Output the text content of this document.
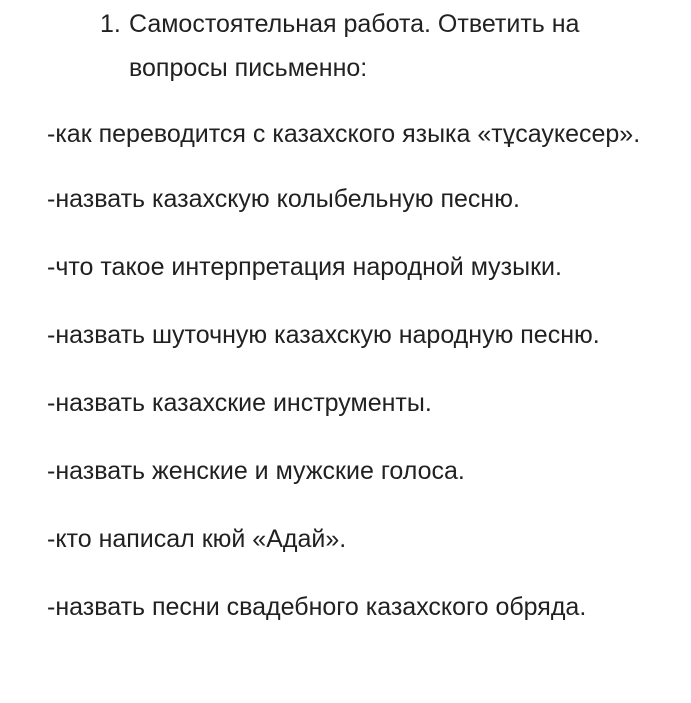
1. Самостоятельная работа. Ответить на вопросы письменно:
-как переводится с казахского языка «тұсаукесер».
-назвать казахскую колыбельную песню.
-что такое интерпретация народной музыки.
-назвать шуточную казахскую народную песню.
-назвать казахские инструменты.
-назвать женские и мужские голоса.
-кто написал кюй «Адай».
-назвать песни свадебного казахского обряда.
